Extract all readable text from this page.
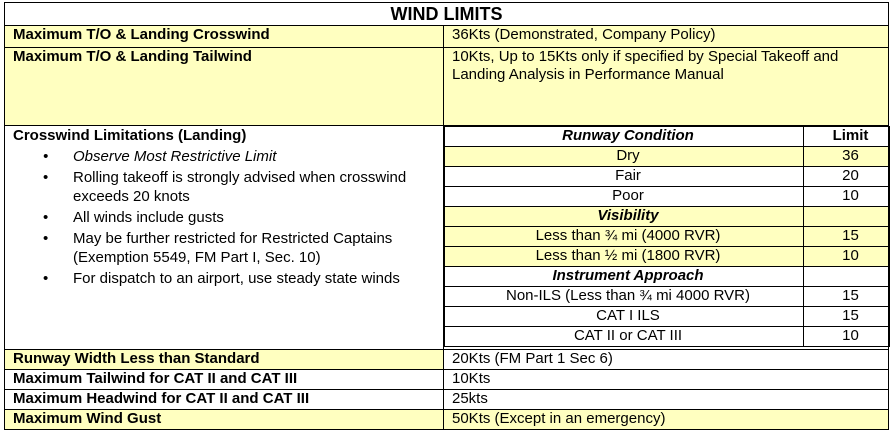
WIND LIMITS
Maximum T/O & Landing Crosswind	36Kts (Demonstrated, Company Policy)
Maximum T/O & Landing Tailwind	10Kts, Up to 15Kts only if specified by Special Takeoff and Landing Analysis in Performance Manual

Crosswind Limitations (Landing)
• Observe Most Restrictive Limit
• Rolling takeoff is strongly advised when crosswind exceeds 20 knots
• All winds include gusts
• May be further restricted for Restricted Captains (Exemption 5549, FM Part I, Sec. 10)
• For dispatch to an airport, use steady state winds

Runway Condition	Limit
Dry	36
Fair	20
Poor	10
Visibility	
Less than ¾ mi (4000 RVR)	15
Less than ½ mi (1800 RVR)	10
Instrument Approach	
Non-ILS (Less than ¾ mi 4000 RVR)	15
CAT I ILS	15
CAT II or CAT III	10

Runway Width Less than Standard	20Kts (FM Part 1 Sec 6)
Maximum Tailwind for CAT II and CAT III	10Kts
Maximum Headwind for CAT II and CAT III	25kts
Maximum Wind Gust	50Kts (Except in an emergency)
